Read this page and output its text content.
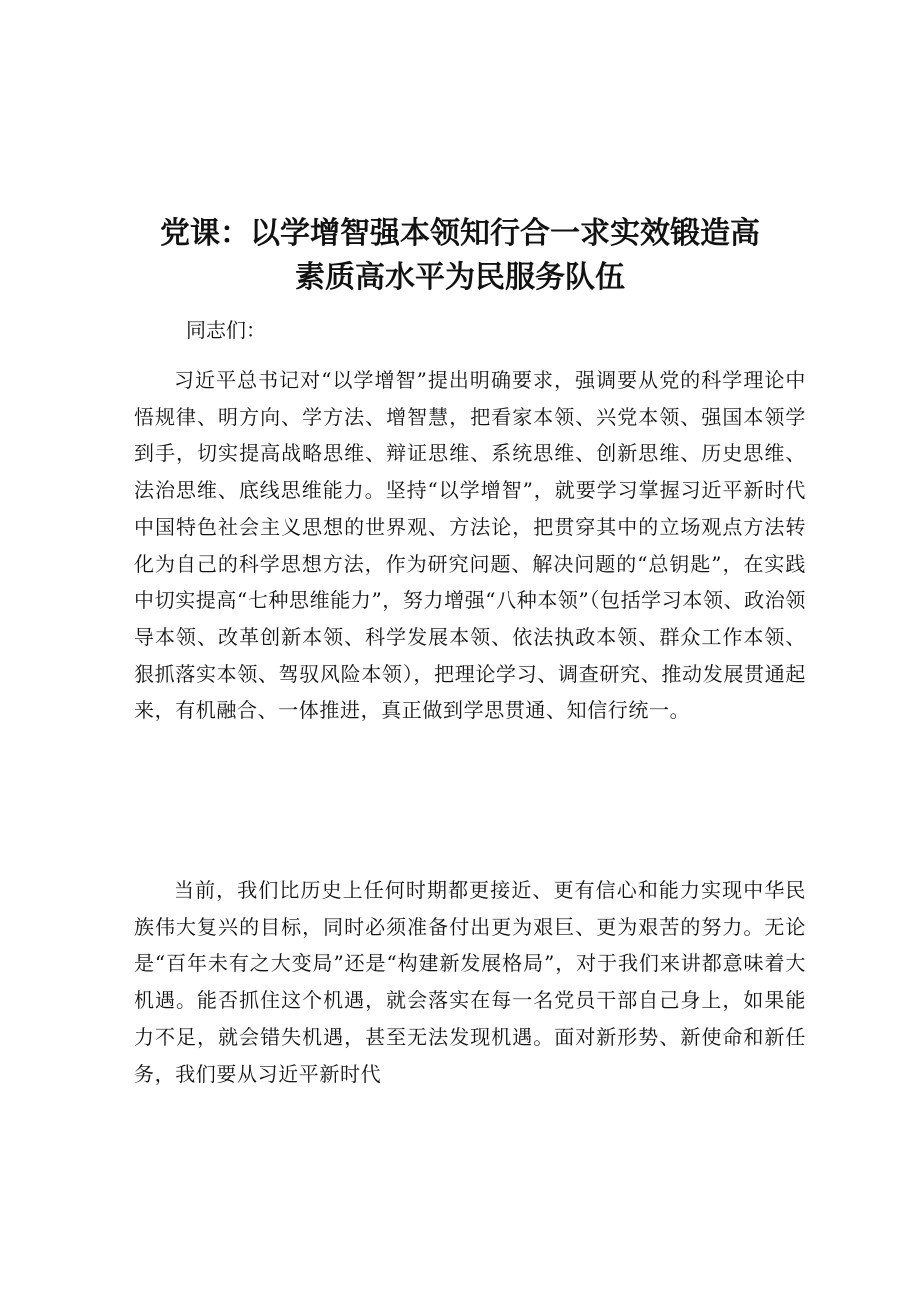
党课：以学增智强本领知行合一求实效锻造高
素质高水平为民服务队伍

同志们：

习近平总书记对“以学增智”提出明确要求，强调要从党的科学理论中悟规律、明方向、学方法、增智慧，把看家本领、兴党本领、强国本领学到手，切实提高战略思维、辩证思维、系统思维、创新思维、历史思维、法治思维、底线思维能力。坚持“以学增智”，就要学习掌握习近平新时代中国特色社会主义思想的世界观、方法论，把贯穿其中的立场观点方法转化为自己的科学思想方法，作为研究问题、解决问题的“总钥匙”，在实践中切实提高“七种思维能力”，努力增强“八种本领”（包括学习本领、政治领导本领、改革创新本领、科学发展本领、依法执政本领、群众工作本领、狠抓落实本领、驾驭风险本领），把理论学习、调查研究、推动发展贯通起来，有机融合、一体推进，真正做到学思贯通、知信行统一。

当前，我们比历史上任何时期都更接近、更有信心和能力实现中华民族伟大复兴的目标，同时必须准备付出更为艰巨、更为艰苦的努力。无论是“百年未有之大变局”还是“构建新发展格局”，对于我们来讲都意味着大机遇。能否抓住这个机遇，就会落实在每一名党员干部自己身上，如果能力不足，就会错失机遇，甚至无法发现机遇。面对新形势、新使命和新任务，我们要从习近平新时代
